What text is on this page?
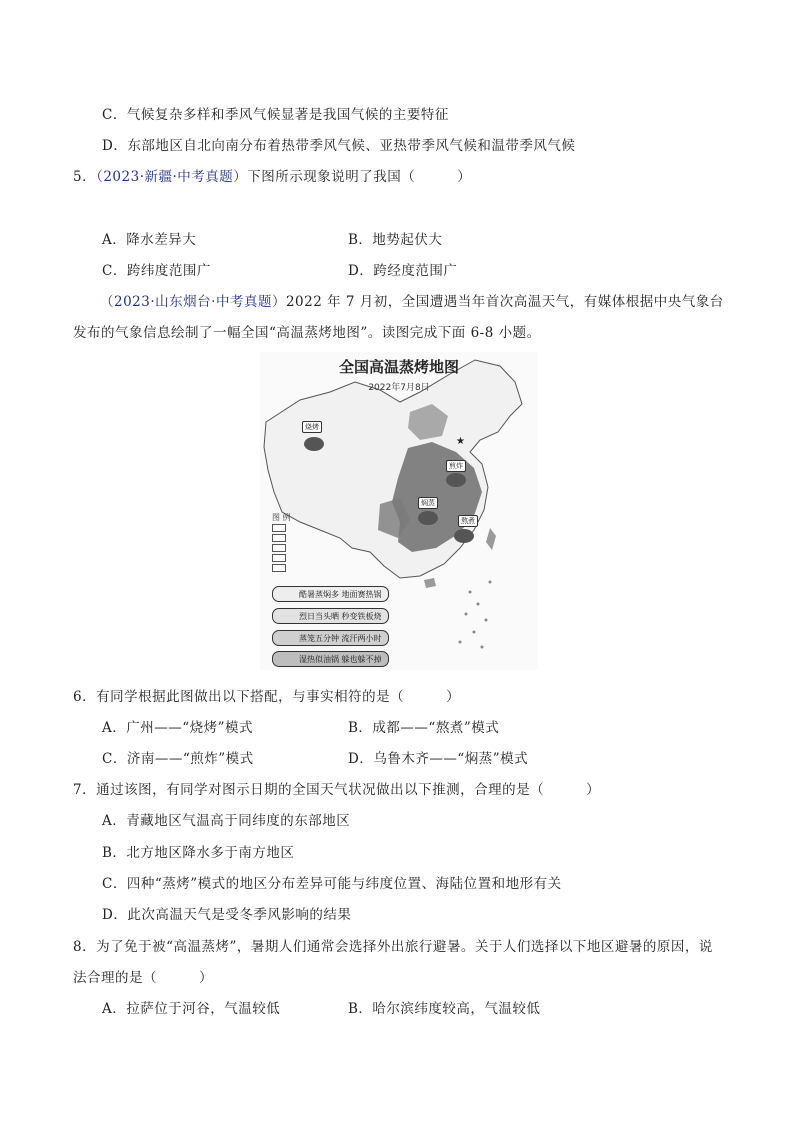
C．气候复杂多样和季风气候显著是我国气候的主要特征
D．东部地区自北向南分布着热带季风气候、亚热带季风气候和温带季风气候
5．（2023·新疆·中考真题）下图所示现象说明了我国（　　　）
A．降水差异大	B．地势起伏大
C．跨纬度范围广	D．跨经度范围广
（2023·山东烟台·中考真题）2022 年 7 月初，全国遭遇当年首次高温天气，有媒体根据中央气象台
发布的气象信息绘制了一幅全国“高温蒸烤地图”。读图完成下面 6-8 小题。
★
全国高温蒸烤地图
2022年7月8日
烧烤
煎炸
焖蒸
熬煮
图 例
酷暑蒸焖多 地面赛热锅
烈日当头晒 秒变铁板烧
蒸笼五分钟 流汗两小时
湿热似油锅 躲也躲不掉
6．有同学根据此图做出以下搭配，与事实相符的是（　　　）
A．广州——“烧烤”模式	B．成都——“熬煮”模式
C．济南——“煎炸”模式	D．乌鲁木齐——“焖蒸”模式
7．通过该图，有同学对图示日期的全国天气状况做出以下推测，合理的是（　　　）
A．青藏地区气温高于同纬度的东部地区
B．北方地区降水多于南方地区
C．四种“蒸烤”模式的地区分布差异可能与纬度位置、海陆位置和地形有关
D．此次高温天气是受冬季风影响的结果
8．为了免于被“高温蒸烤”，暑期人们通常会选择外出旅行避暑。关于人们选择以下地区避暑的原因，说
法合理的是（　　　）
A．拉萨位于河谷，气温较低	B．哈尔滨纬度较高，气温较低
